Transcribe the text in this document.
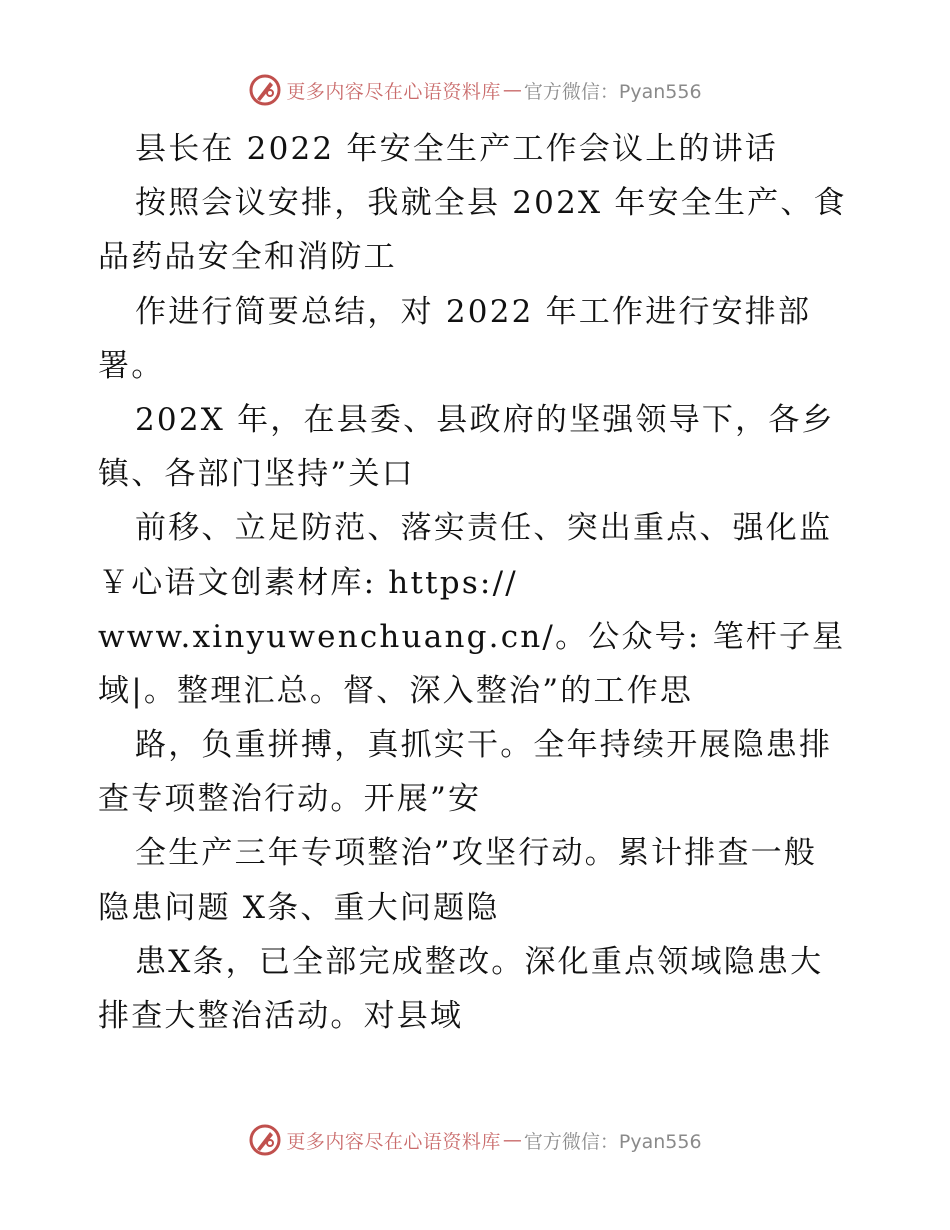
更多内容尽在心语资料库 — 官方微信：Pyan556
县长在 2022 年安全生产工作会议上的讲话
按照会议安排，我就全县 202X 年安全生产、食
品药品安全和消防工
作进行简要总结，对 2022 年工作进行安排部
署。
202X 年，在县委、县政府的坚强领导下，各乡
镇、各部门坚持”关口
前移、立足防范、落实责任、突出重点、强化监
￥心语文创素材库: https://
www.xinyuwenchuang.cn/。公众号: 笔杆子星
域|。整理汇总。督、深入整治”的工作思
路，负重拼搏，真抓实干。全年持续开展隐患排
查专项整治行动。开展”安
全生产三年专项整治”攻坚行动。累计排查一般
隐患问题 X条、重大问题隐
患X条，已全部完成整改。深化重点领域隐患大
排查大整治活动。对县域
更多内容尽在心语资料库 — 官方微信：Pyan556
